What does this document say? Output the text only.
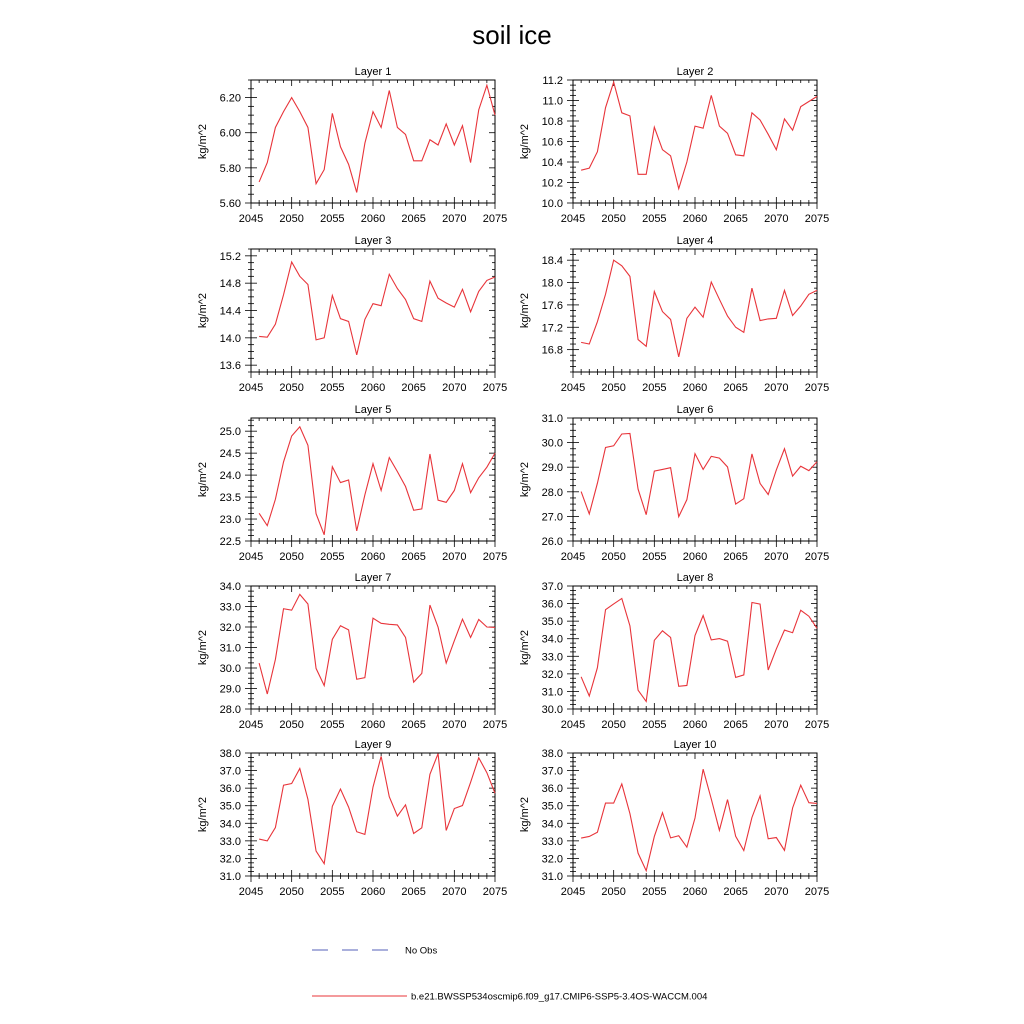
soil ice
Layer 1
kg/m^2
2045 2050 2055 2060 2065 2070 2075
5.60
5.80
6.00
6.20
Layer 2
kg/m^2
2045 2050 2055 2060 2065 2070 2075
10.0
10.2
10.4
10.6
10.8
11.0
11.2
Layer 3
kg/m^2
2045 2050 2055 2060 2065 2070 2075
13.6
14.0
14.4
14.8
15.2
Layer 4
kg/m^2
2045 2050 2055 2060 2065 2070 2075
16.8
17.2
17.6
18.0
18.4
Layer 5
kg/m^2
2045 2050 2055 2060 2065 2070 2075
22.5
23.0
23.5
24.0
24.5
25.0
Layer 6
kg/m^2
2045 2050 2055 2060 2065 2070 2075
26.0
27.0
28.0
29.0
30.0
31.0
Layer 7
kg/m^2
2045 2050 2055 2060 2065 2070 2075
28.0
29.0
30.0
31.0
32.0
33.0
34.0
Layer 8
kg/m^2
2045 2050 2055 2060 2065 2070 2075
30.0
31.0
32.0
33.0
34.0
35.0
36.0
37.0
Layer 9
kg/m^2
2045 2050 2055 2060 2065 2070 2075
31.0
32.0
33.0
34.0
35.0
36.0
37.0
38.0
Layer 10
kg/m^2
2045 2050 2055 2060 2065 2070 2075
31.0
32.0
33.0
34.0
35.0
36.0
37.0
38.0
No Obs
b.e21.BWSSP534oscmip6.f09_g17.CMIP6-SSP5-3.4OS-WACCM.004
